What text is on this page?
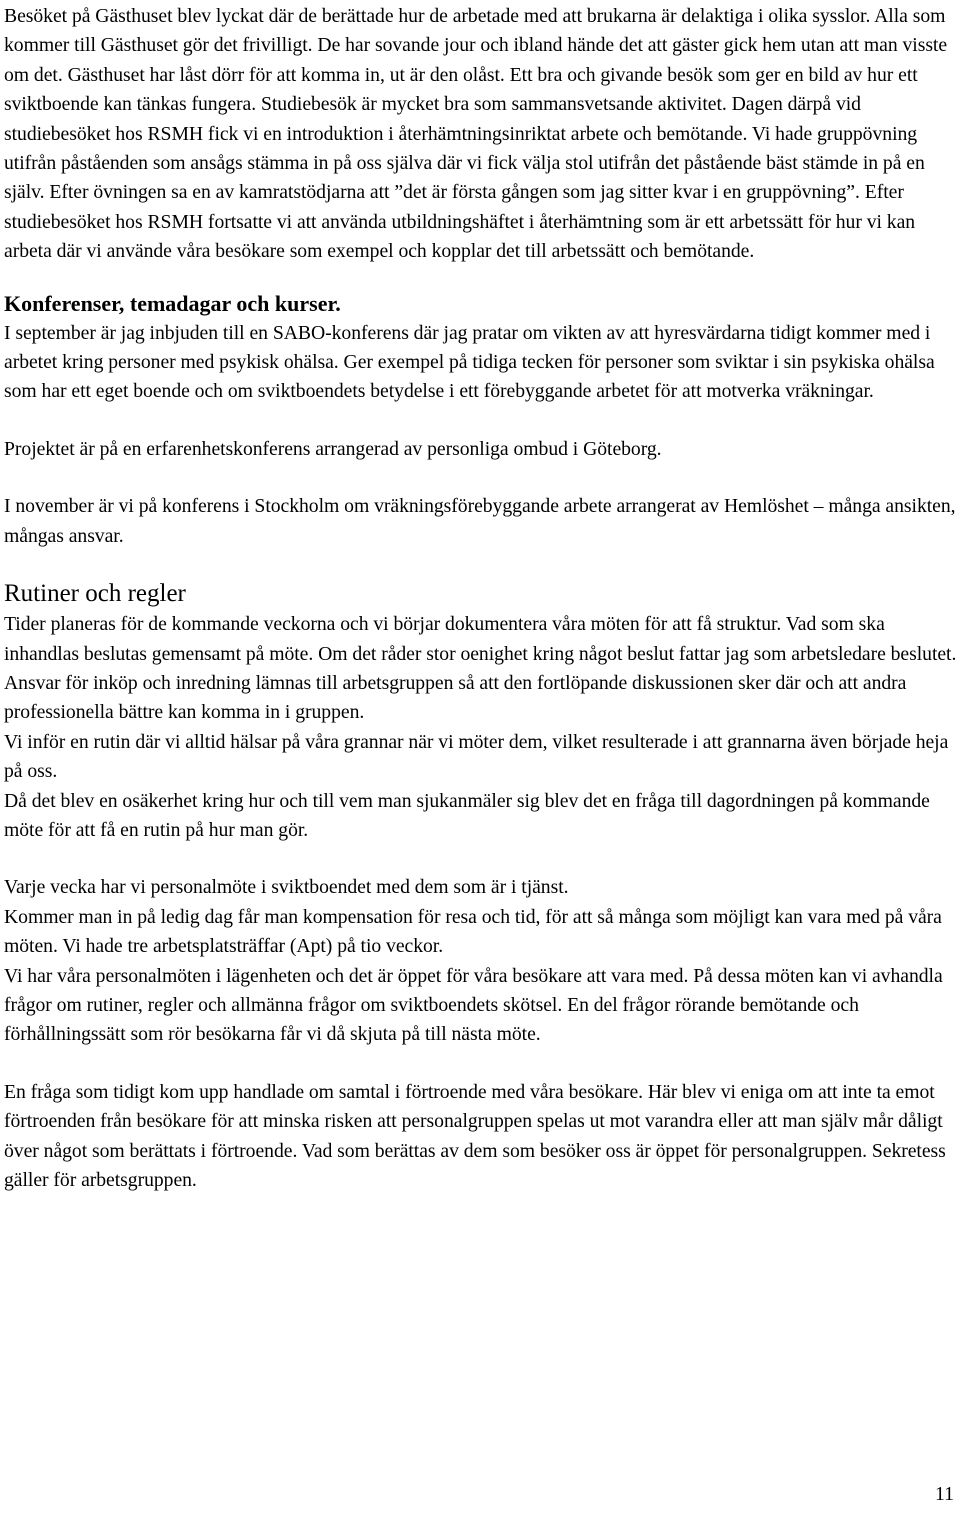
Besöket på Gästhuset blev lyckat där de berättade hur de arbetade med att brukarna är delaktiga i olika sysslor. Alla som kommer till Gästhuset gör det frivilligt. De har sovande jour och ibland hände det att gäster gick hem utan att man visste om det. Gästhuset har låst dörr för att komma in, ut är den olåst. Ett bra och givande besök som ger en bild av hur ett sviktboende kan tänkas fungera. Studiebesök är mycket bra som sammansvetsande aktivitet. Dagen därpå vid studiebesöket hos RSMH fick vi en introduktion i återhämtningsinriktat arbete och bemötande. Vi hade gruppövning utifrån påståenden som ansågs stämma in på oss själva där vi fick välja stol utifrån det påstående bäst stämde in på en själv. Efter övningen sa en av kamratstödjarna att ”det är första gången som jag sitter kvar i en gruppövning”. Efter studiebesöket hos RSMH fortsatte vi att använda utbildningshäftet i återhämtning som är ett arbetssätt för hur vi kan arbeta där vi använde våra besökare som exempel och kopplar det till arbetssätt och bemötande.

Konferenser, temadagar och kurser.

I september är jag inbjuden till en SABO-konferens där jag pratar om vikten av att hyresvärdarna tidigt kommer med i arbetet kring personer med psykisk ohälsa. Ger exempel på tidiga tecken för personer som sviktar i sin psykiska ohälsa som har ett eget boende och om sviktboendets betydelse i ett förebyggande arbetet för att motverka vräkningar.

Projektet är på en erfarenhetskonferens arrangerad av personliga ombud i Göteborg.

I november är vi på konferens i Stockholm om vräkningsförebyggande arbete arrangerat av Hemlöshet – många ansikten, mångas ansvar.

Rutiner och regler

Tider planeras för de kommande veckorna och vi börjar dokumentera våra möten för att få struktur. Vad som ska inhandlas beslutas gemensamt på möte. Om det råder stor oenighet kring något beslut fattar jag som arbetsledare beslutet. Ansvar för inköp och inredning lämnas till arbetsgruppen så att den fortlöpande diskussionen sker där och att andra professionella bättre kan komma in i gruppen.

Vi inför en rutin där vi alltid hälsar på våra grannar när vi möter dem, vilket resulterade i att grannarna även började heja på oss.

Då det blev en osäkerhet kring hur och till vem man sjukanmäler sig blev det en fråga till dagordningen på kommande möte för att få en rutin på hur man gör.

Varje vecka har vi personalmöte i sviktboendet med dem som är i tjänst.

Kommer man in på ledig dag får man kompensation för resa och tid, för att så många som möjligt kan vara med på våra möten. Vi hade tre arbetsplatsträffar (Apt) på tio veckor.

Vi har våra personalmöten i lägenheten och det är öppet för våra besökare att vara med. På dessa möten kan vi avhandla frågor om rutiner, regler och allmänna frågor om sviktboendets skötsel. En del frågor rörande bemötande och förhållningssätt som rör besökarna får vi då skjuta på till nästa möte.

En fråga som tidigt kom upp handlade om samtal i förtroende med våra besökare. Här blev vi eniga om att inte ta emot förtroenden från besökare för att minska risken att personalgruppen spelas ut mot varandra eller att man själv mår dåligt över något som berättats i förtroende. Vad som berättas av dem som besöker oss är öppet för personalgruppen. Sekretess gäller för arbetsgruppen.

11
